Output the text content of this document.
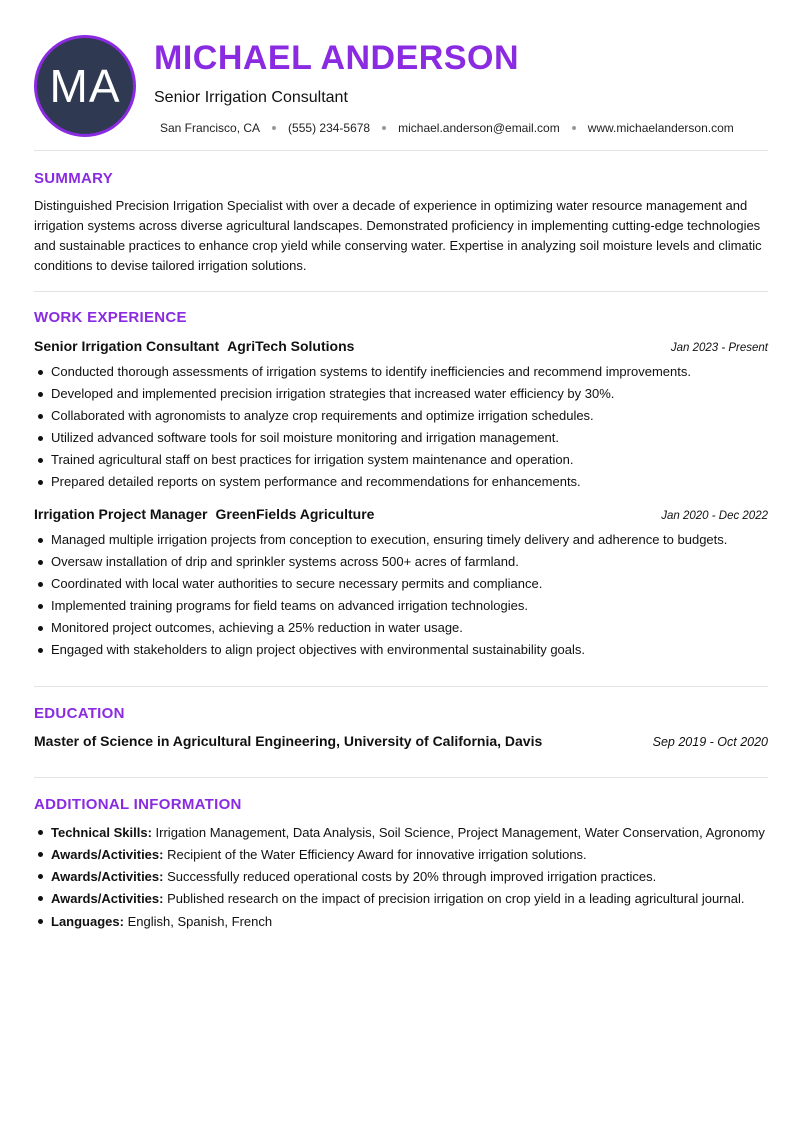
MA
MICHAEL ANDERSON
Senior Irrigation Consultant
San Francisco, CA (555) 234-5678 michael.anderson@email.com www.michaelanderson.com
SUMMARY
Distinguished Precision Irrigation Specialist with over a decade of experience in optimizing water resource management and irrigation systems across diverse agricultural landscapes. Demonstrated proficiency in implementing cutting-edge technologies and sustainable practices to enhance crop yield while conserving water. Expertise in analyzing soil moisture levels and climatic conditions to devise tailored irrigation solutions.
WORK EXPERIENCE
Senior Irrigation Consultant AgriTech Solutions	Jan 2023 - Present
Conducted thorough assessments of irrigation systems to identify inefficiencies and recommend improvements.
Developed and implemented precision irrigation strategies that increased water efficiency by 30%.
Collaborated with agronomists to analyze crop requirements and optimize irrigation schedules.
Utilized advanced software tools for soil moisture monitoring and irrigation management.
Trained agricultural staff on best practices for irrigation system maintenance and operation.
Prepared detailed reports on system performance and recommendations for enhancements.
Irrigation Project Manager GreenFields Agriculture	Jan 2020 - Dec 2022
Managed multiple irrigation projects from conception to execution, ensuring timely delivery and adherence to budgets.
Oversaw installation of drip and sprinkler systems across 500+ acres of farmland.
Coordinated with local water authorities to secure necessary permits and compliance.
Implemented training programs for field teams on advanced irrigation technologies.
Monitored project outcomes, achieving a 25% reduction in water usage.
Engaged with stakeholders to align project objectives with environmental sustainability goals.
EDUCATION
Master of Science in Agricultural Engineering, University of California, Davis	Sep 2019 - Oct 2020
ADDITIONAL INFORMATION
Technical Skills: Irrigation Management, Data Analysis, Soil Science, Project Management, Water Conservation, Agronomy
Awards/Activities: Recipient of the Water Efficiency Award for innovative irrigation solutions.
Awards/Activities: Successfully reduced operational costs by 20% through improved irrigation practices.
Awards/Activities: Published research on the impact of precision irrigation on crop yield in a leading agricultural journal.
Languages: English, Spanish, French
